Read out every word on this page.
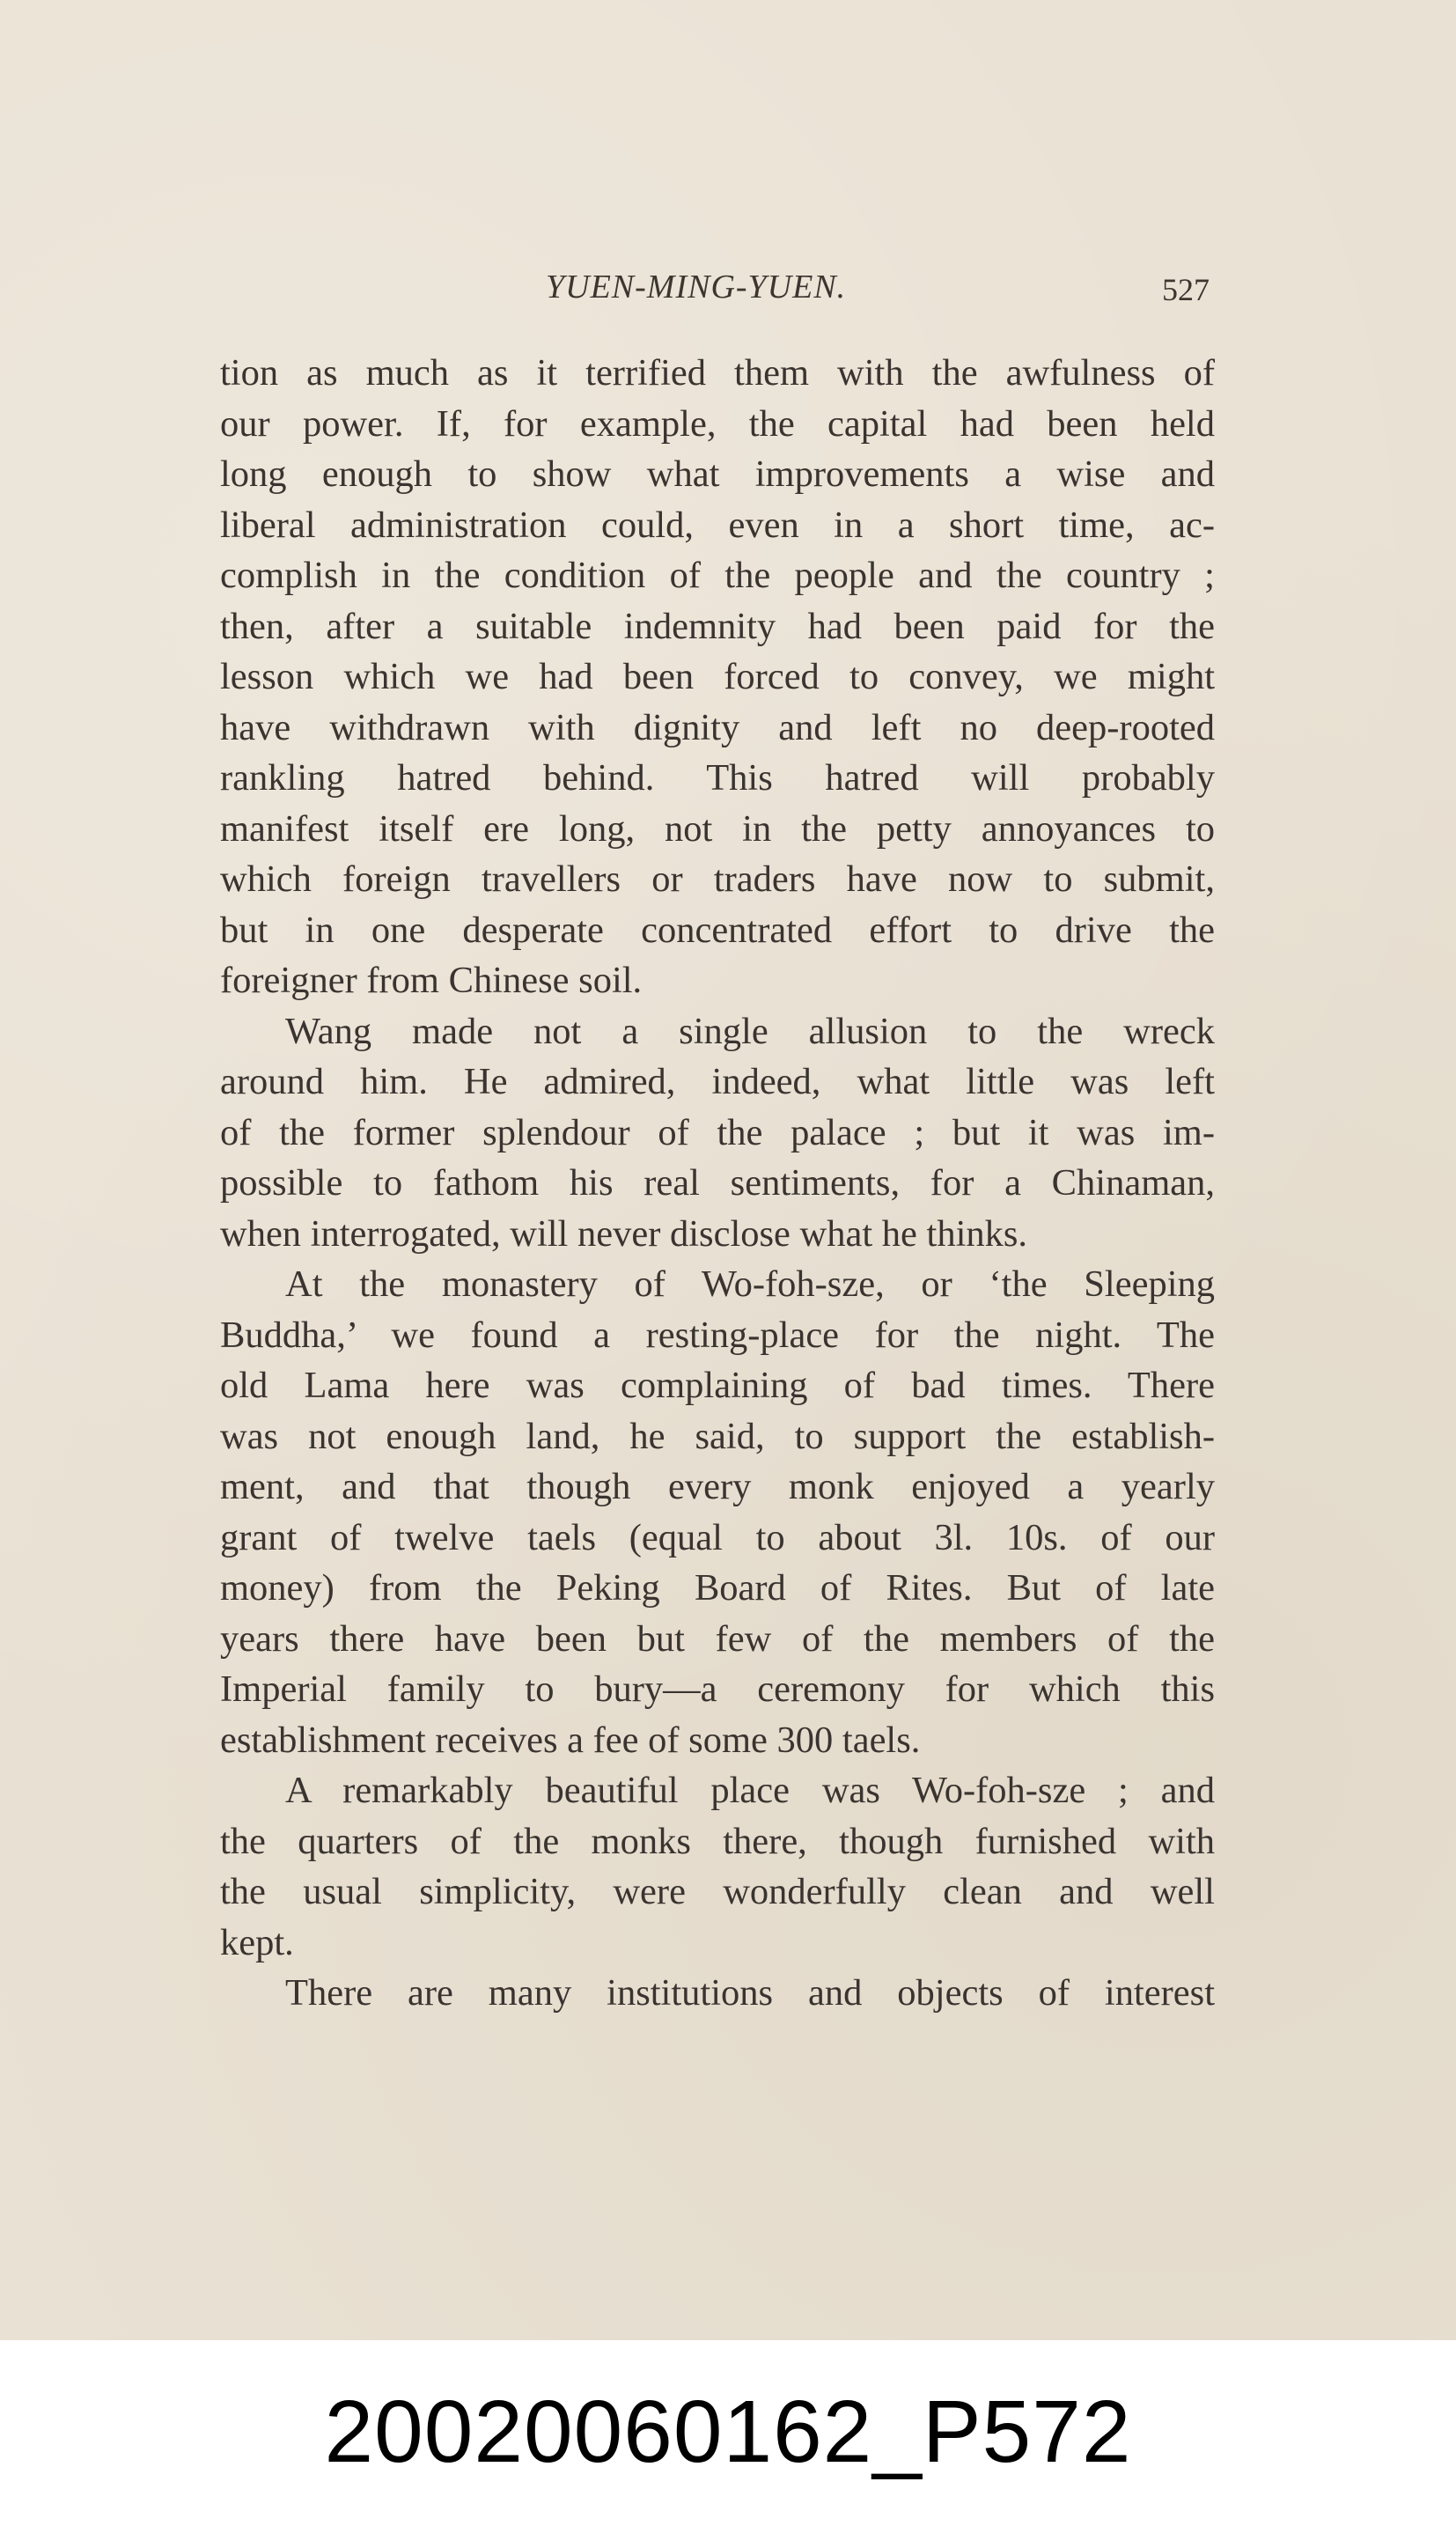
YUEN-MING-YUEN.	527
tion as much as it terrified them with the awfulness of
our power. If, for example, the capital had been held
long enough to show what improvements a wise and
liberal administration could, even in a short time, ac-
complish in the condition of the people and the country ;
then, after a suitable indemnity had been paid for the
lesson which we had been forced to convey, we might
have withdrawn with dignity and left no deep-rooted
rankling hatred behind. This hatred will probably
manifest itself ere long, not in the petty annoyances to
which foreign travellers or traders have now to submit,
but in one desperate concentrated effort to drive the
foreigner from Chinese soil.
Wang made not a single allusion to the wreck
around him. He admired, indeed, what little was left
of the former splendour of the palace ; but it was im-
possible to fathom his real sentiments, for a Chinaman,
when interrogated, will never disclose what he thinks.
At the monastery of Wo-foh-sze, or ‘the Sleeping
Buddha,’ we found a resting-place for the night. The
old Lama here was complaining of bad times. There
was not enough land, he said, to support the establish-
ment, and that though every monk enjoyed a yearly
grant of twelve taels (equal to about 3l. 10s. of our
money) from the Peking Board of Rites. But of late
years there have been but few of the members of the
Imperial family to bury—a ceremony for which this
establishment receives a fee of some 300 taels.
A remarkably beautiful place was Wo-foh-sze ; and
the quarters of the monks there, though furnished with
the usual simplicity, were wonderfully clean and well
kept.
There are many institutions and objects of interest
20020060162_P572
